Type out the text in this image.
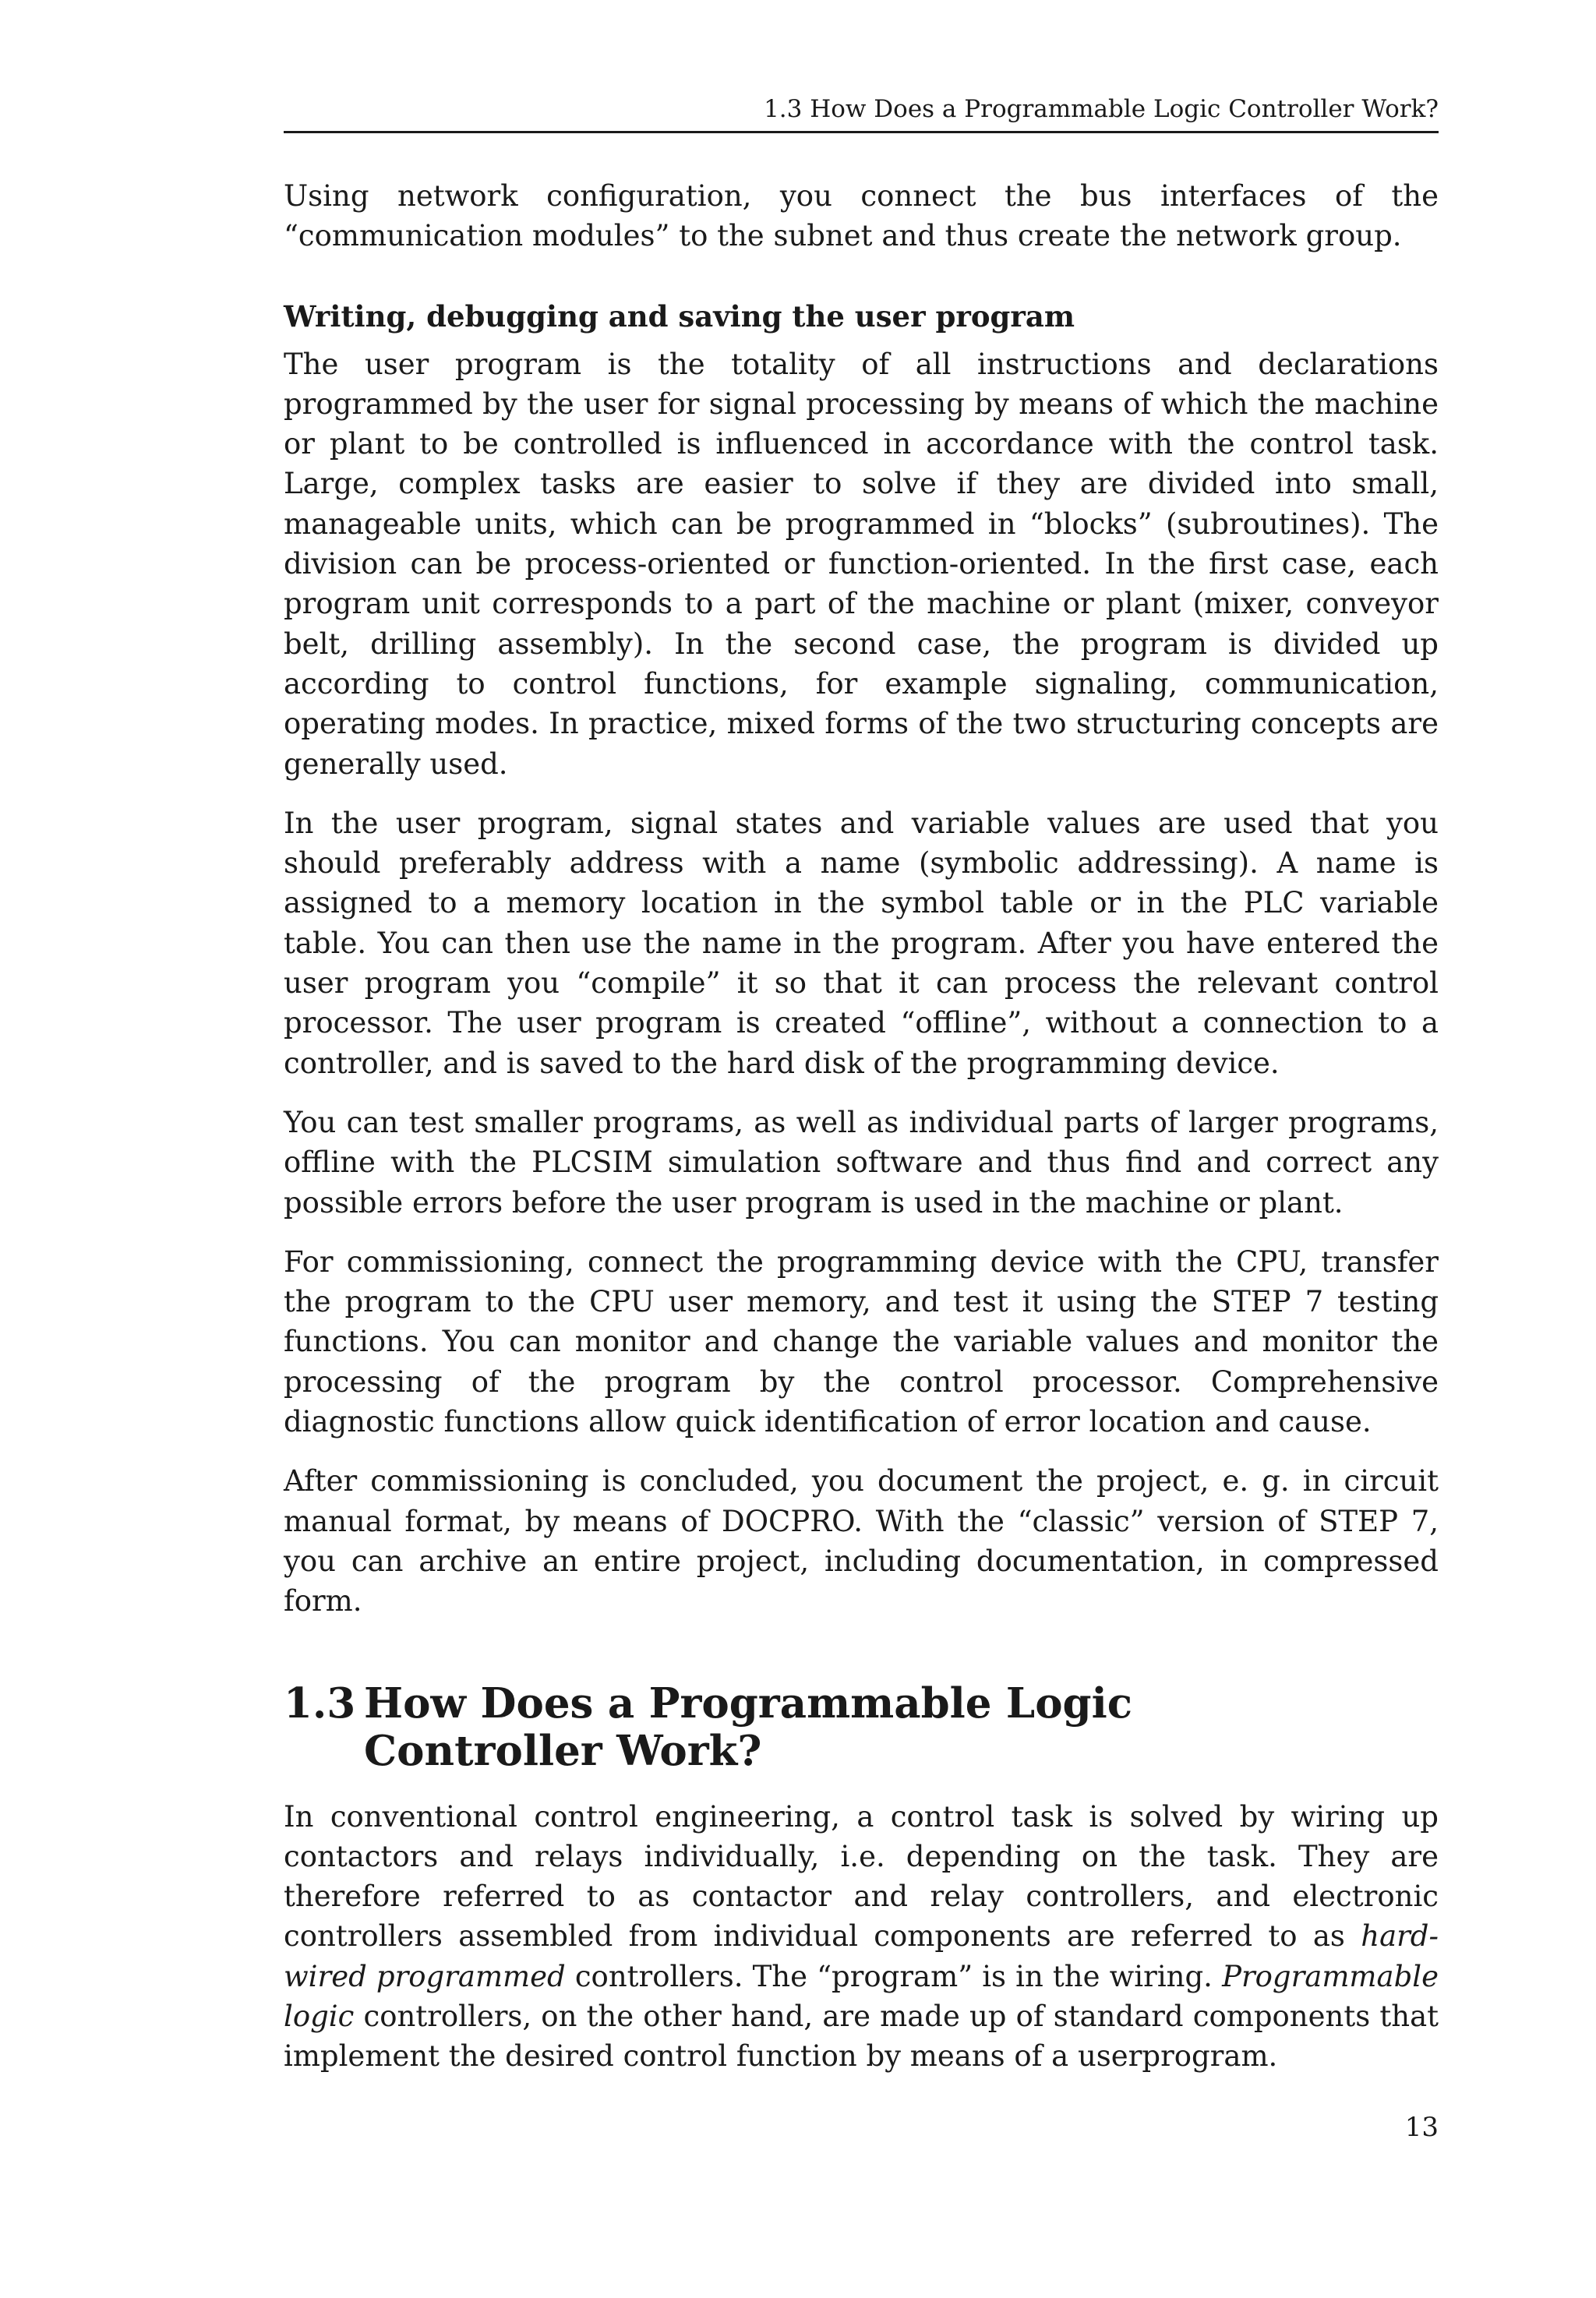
1.3 How Does a Programmable Logic Controller Work?

Using network configuration, you connect the bus interfaces of the “communication modules” to the subnet and thus create the network group.

Writing, debugging and saving the user program

The user program is the totality of all instructions and declarations programmed by the user for signal processing by means of which the machine or plant to be controlled is influenced in accordance with the control task. Large, complex tasks are easier to solve if they are divided into small, manageable units, which can be programmed in “blocks” (subroutines). The division can be process-oriented or function-oriented. In the first case, each program unit corresponds to a part of the machine or plant (mixer, conveyor belt, drilling assembly). In the second case, the program is divided up according to control functions, for example signaling, communication, operating modes. In practice, mixed forms of the two structuring concepts are generally used.

In the user program, signal states and variable values are used that you should preferably address with a name (symbolic addressing). A name is assigned to a memory location in the symbol table or in the PLC variable table. You can then use the name in the program. After you have entered the user program you “compile” it so that it can process the relevant control processor. The user program is created “offline”, without a connection to a controller, and is saved to the hard disk of the programming device.

You can test smaller programs, as well as individual parts of larger programs, offline with the PLCSIM simulation software and thus find and correct any possible errors before the user program is used in the machine or plant.

For commissioning, connect the programming device with the CPU, transfer the program to the CPU user memory, and test it using the STEP 7 testing functions. You can monitor and change the variable values and monitor the processing of the program by the control processor. Comprehensive diagnostic functions allow quick identification of error location and cause.

After commissioning is concluded, you document the project, e. g. in circuit manual format, by means of DOCPRO. With the “classic” version of STEP 7, you can archive an entire project, including documentation, in compressed form.

1.3 How Does a Programmable Logic Controller Work?

In conventional control engineering, a control task is solved by wiring up contactors and relays individually, i.e. depending on the task. They are therefore referred to as contactor and relay controllers, and electronic controllers assembled from individual components are referred to as hard-wired programmed controllers. The “program” is in the wiring. Programmable logic controllers, on the other hand, are made up of standard components that implement the desired control function by means of a userprogram.

13
